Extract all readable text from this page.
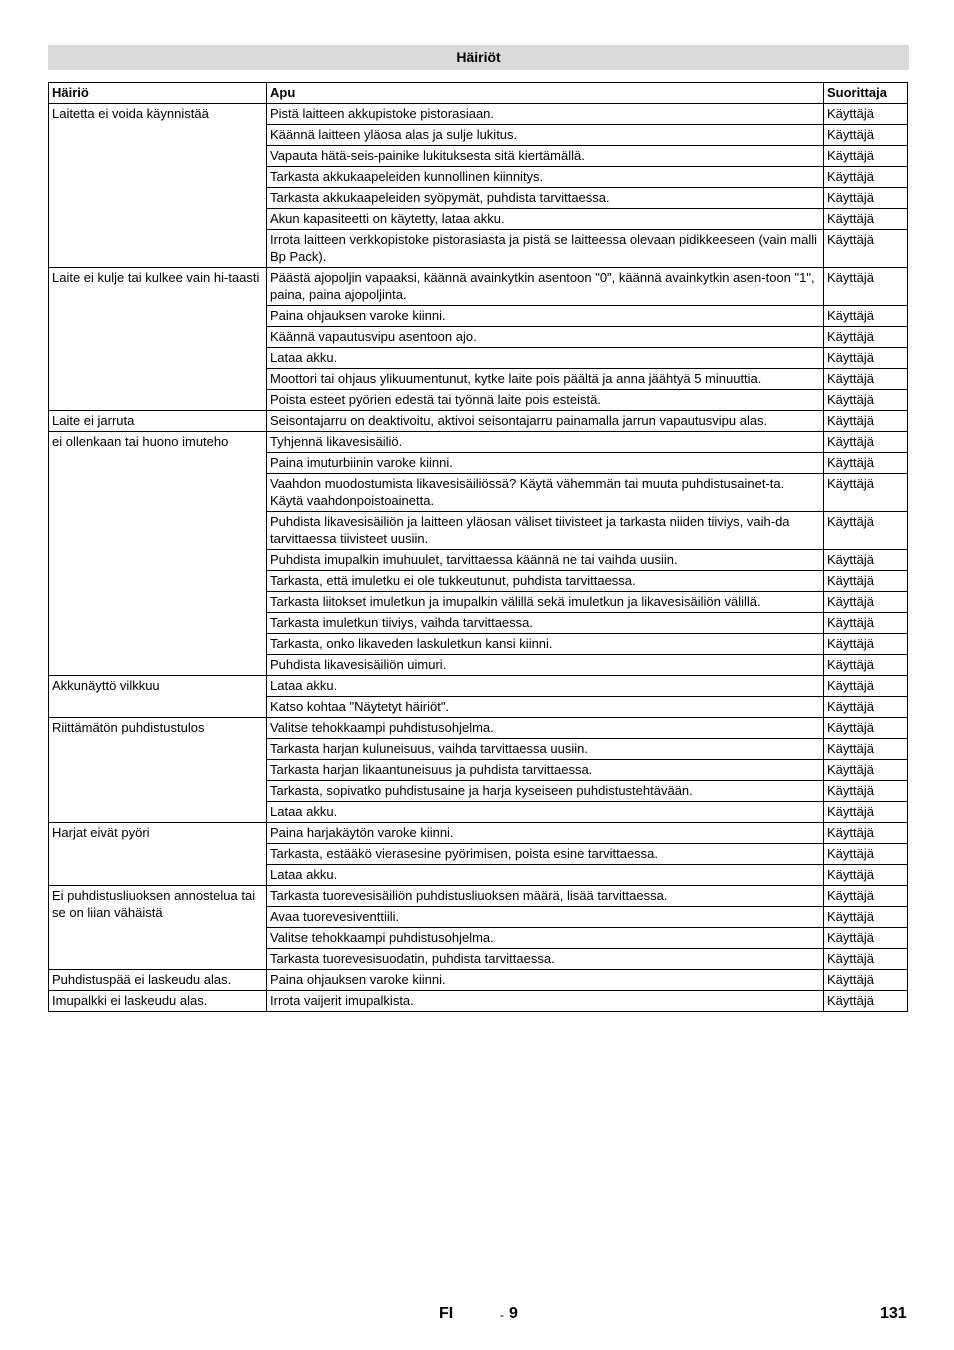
Häiriöt
Häiriö	Apu	Suorittaja
Laitetta ei voida käynnistää	Pistä laitteen akkupistoke pistorasiaan.	Käyttäjä
	Käännä laitteen yläosa alas ja sulje lukitus.	Käyttäjä
	Vapauta hätä-seis-painike lukituksesta sitä kiertämällä.	Käyttäjä
	Tarkasta akkukaapeleiden kunnollinen kiinnitys.	Käyttäjä
	Tarkasta akkukaapeleiden syöpymät, puhdista tarvittaessa.	Käyttäjä
	Akun kapasiteetti on käytetty, lataa akku.	Käyttäjä
	Irrota laitteen verkkopistoke pistorasiasta ja pistä se laitteessa olevaan pidikkeeseen (vain malli Bp Pack).	Käyttäjä
Laite ei kulje tai kulkee vain hi-taasti	Päästä ajopoljin vapaaksi, käännä avainkytkin asentoon "0", käännä avainkytkin asen-toon "1", paina, paina ajopoljinta.	Käyttäjä
	Paina ohjauksen varoke kiinni.	Käyttäjä
	Käännä vapautusvipu asentoon ajo.	Käyttäjä
	Lataa akku.	Käyttäjä
	Moottori tai ohjaus ylikuumentunut, kytke laite pois päältä ja anna jäähtyä 5 minuuttia.	Käyttäjä
	Poista esteet pyörien edestä tai työnnä laite pois esteistä.	Käyttäjä
Laite ei jarruta	Seisontajarru on deaktivoitu, aktivoi seisontajarru painamalla jarrun vapautusvipu alas.	Käyttäjä
ei ollenkaan tai huono imuteho	Tyhjennä likavesisäiliö.	Käyttäjä
	Paina imuturbiinin varoke kiinni.	Käyttäjä
	Vaahdon muodostumista likavesisäiliössä? Käytä vähemmän tai muuta puhdistusainet-ta. Käytä vaahdonpoistoainetta.	Käyttäjä
	Puhdista likavesisäiliön ja laitteen yläosan väliset tiivisteet ja tarkasta niiden tiiviys, vaih-da tarvittaessa tiivisteet uusiin.	Käyttäjä
	Puhdista imupalkin imuhuulet, tarvittaessa käännä ne tai vaihda uusiin.	Käyttäjä
	Tarkasta, että imuletku ei ole tukkeutunut, puhdista tarvittaessa.	Käyttäjä
	Tarkasta liitokset imuletkun ja imupalkin välillä sekä imuletkun ja likavesisäiliön välillä.	Käyttäjä
	Tarkasta imuletkun tiiviys, vaihda tarvittaessa.	Käyttäjä
	Tarkasta, onko likaveden laskuletkun kansi kiinni.	Käyttäjä
	Puhdista likavesisäiliön uimuri.	Käyttäjä
Akkunäyttö vilkkuu	Lataa akku.	Käyttäjä
	Katso kohtaa "Näytetyt häiriöt".	Käyttäjä
Riittämätön puhdistustulos	Valitse tehokkaampi puhdistusohjelma.	Käyttäjä
	Tarkasta harjan kuluneisuus, vaihda tarvittaessa uusiin.	Käyttäjä
	Tarkasta harjan likaantuneisuus ja puhdista tarvittaessa.	Käyttäjä
	Tarkasta, sopivatko puhdistusaine ja harja kyseiseen puhdistustehtävään.	Käyttäjä
	Lataa akku.	Käyttäjä
Harjat eivät pyöri	Paina harjakäytön varoke kiinni.	Käyttäjä
	Tarkasta, estääkö vierasesine pyörimisen, poista esine tarvittaessa.	Käyttäjä
	Lataa akku.	Käyttäjä
Ei puhdistusliuoksen annostelua tai se on liian vähäistä	Tarkasta tuorevesisäiliön puhdistusliuoksen määrä, lisää tarvittaessa.	Käyttäjä
	Avaa tuorevesiventtiili.	Käyttäjä
	Valitse tehokkaampi puhdistusohjelma.	Käyttäjä
	Tarkasta tuorevesisuodatin, puhdista tarvittaessa.	Käyttäjä
Puhdistuspää ei laskeudu alas.	Paina ohjauksen varoke kiinni.	Käyttäjä
Imupalkki ei laskeudu alas.	Irrota vaijerit imupalkista.	Käyttäjä
FI	- 9	131
